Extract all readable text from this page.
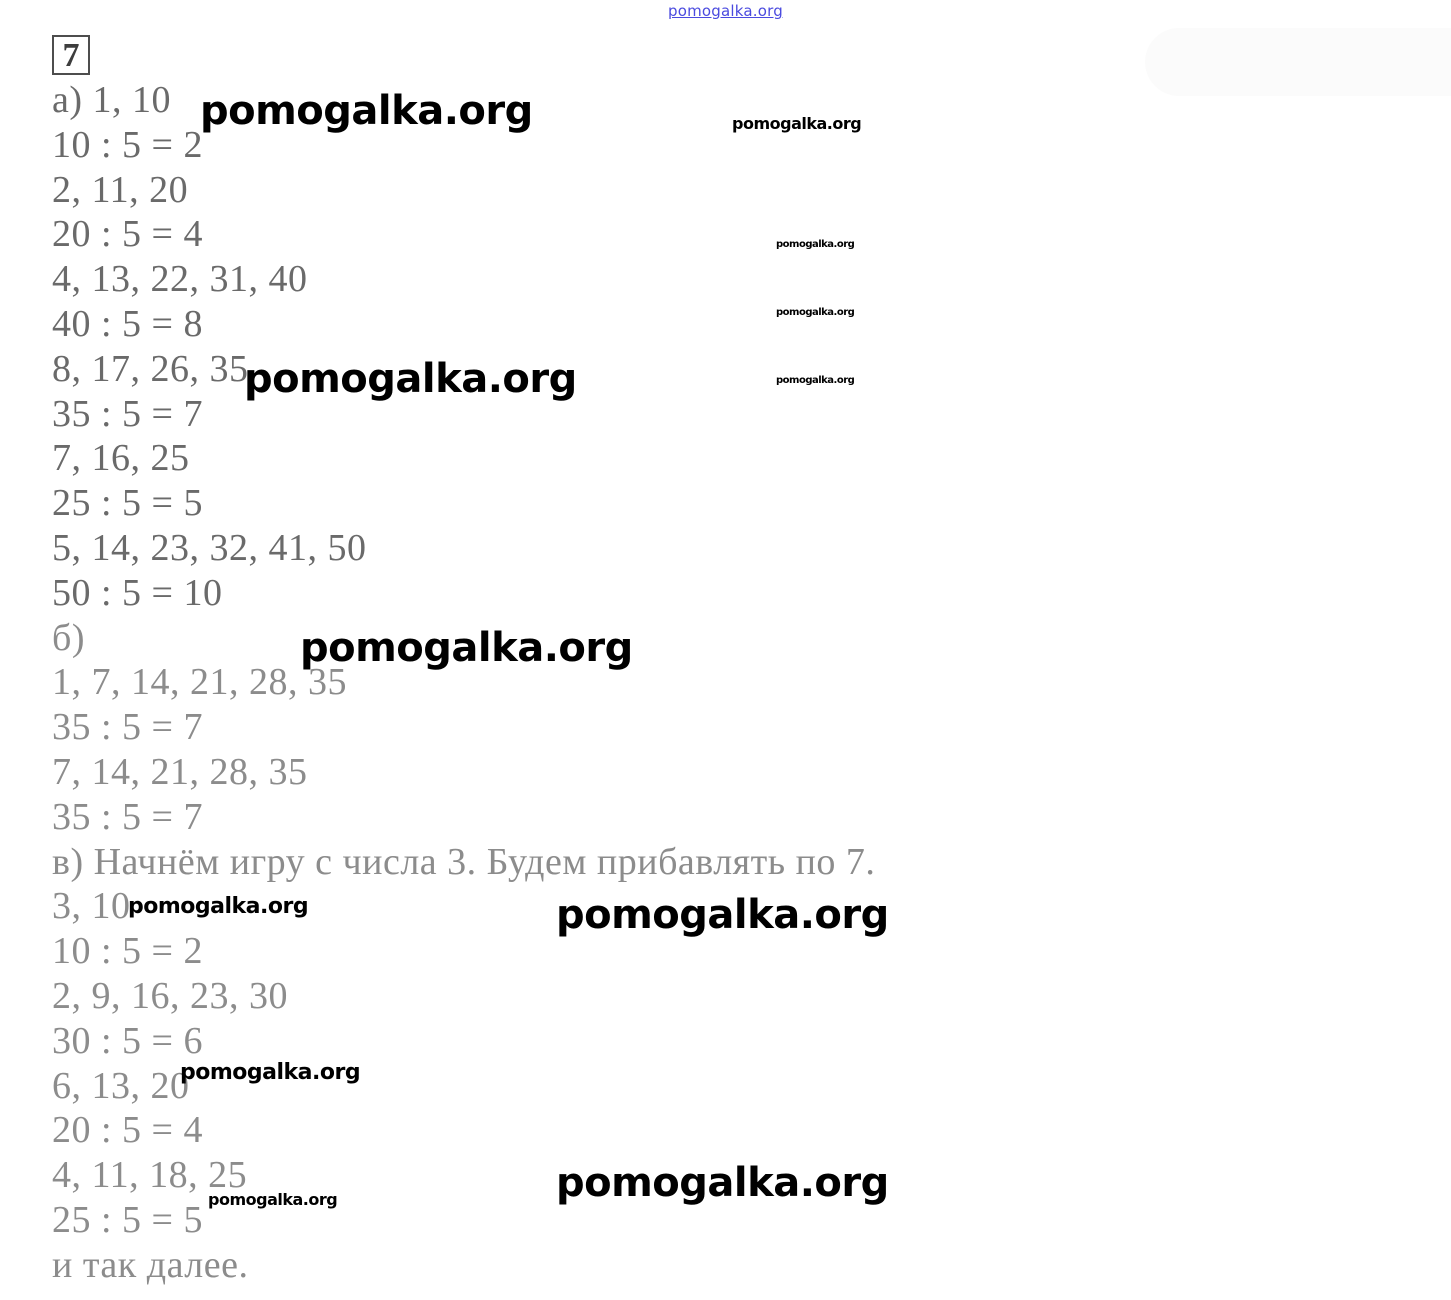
pomogalka.org
7
а) 1, 10
10 : 5 = 2
2, 11, 20
20 : 5 = 4
4, 13, 22, 31, 40
40 : 5 = 8
8, 17, 26, 35
35 : 5 = 7
7, 16, 25
25 : 5 = 5
5, 14, 23, 32, 41, 50
50 : 5 = 10
б)
1, 7, 14, 21, 28, 35
35 : 5 = 7
7, 14, 21, 28, 35
35 : 5 = 7
в) Начнём игру с числа 3. Будем прибавлять по 7.
3, 10
10 : 5 = 2
2, 9, 16, 23, 30
30 : 5 = 6
6, 13, 20
20 : 5 = 4
4, 11, 18, 25
25 : 5 = 5
и так далее.
pomogalka.org	pomogalka.org
pomogalka.org
pomogalka.org
pomogalka.org	pomogalka.org
pomogalka.org
pomogalka.org	pomogalka.org
pomogalka.org
pomogalka.org
pomogalka.org
